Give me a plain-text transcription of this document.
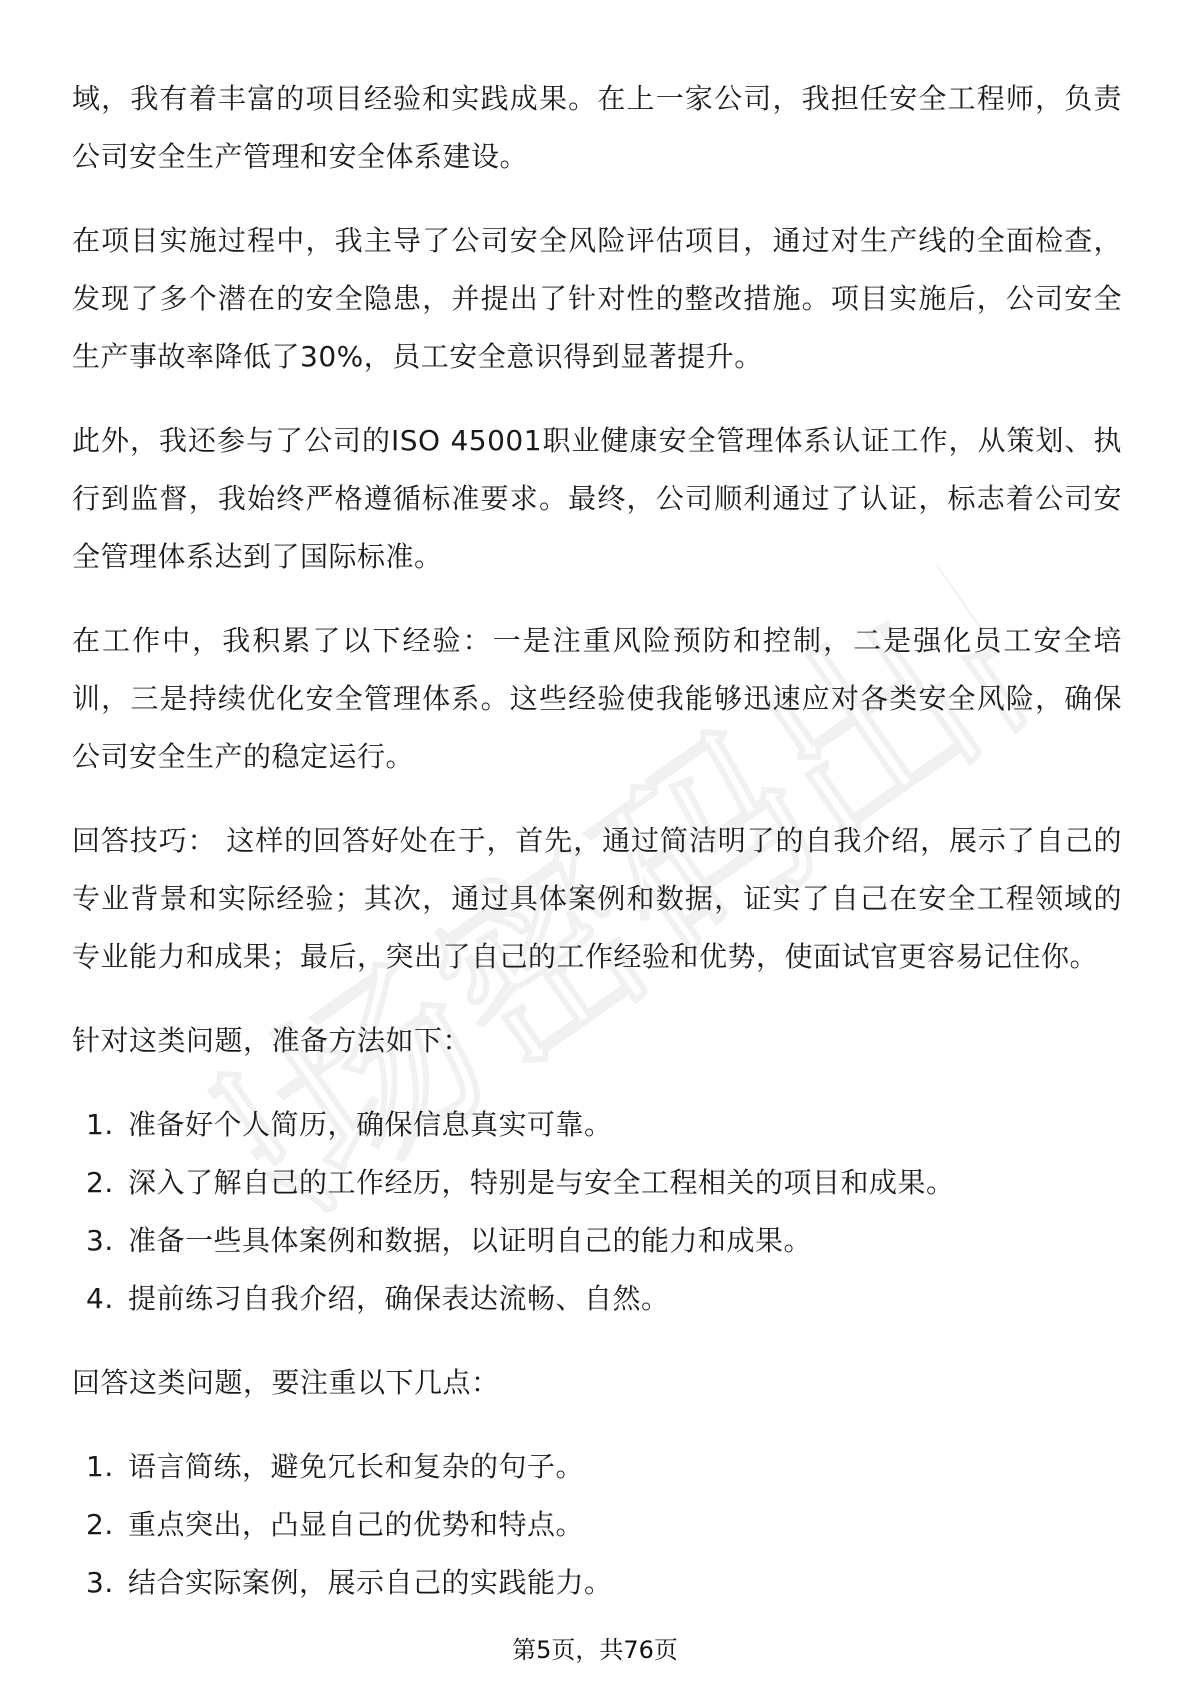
职场密码出品

域，我有着丰富的项目经验和实践成果。在上一家公司，我担任安全工程师，负责公司安全生产管理和安全体系建设。

在项目实施过程中，我主导了公司安全风险评估项目，通过对生产线的全面检查，发现了多个潜在的安全隐患，并提出了针对性的整改措施。项目实施后，公司安全生产事故率降低了30%，员工安全意识得到显著提升。

此外，我还参与了公司的ISO 45001职业健康安全管理体系认证工作，从策划、执行到监督，我始终严格遵循标准要求。最终，公司顺利通过了认证，标志着公司安全管理体系达到了国际标准。

在工作中，我积累了以下经验：一是注重风险预防和控制，二是强化员工安全培训，三是持续优化安全管理体系。这些经验使我能够迅速应对各类安全风险，确保公司安全生产的稳定运行。

回答技巧： 这样的回答好处在于，首先，通过简洁明了的自我介绍，展示了自己的专业背景和实际经验；其次，通过具体案例和数据，证实了自己在安全工程领域的专业能力和成果；最后，突出了自己的工作经验和优势，使面试官更容易记住你。

针对这类问题，准备方法如下：

1. 准备好个人简历，确保信息真实可靠。
2. 深入了解自己的工作经历，特别是与安全工程相关的项目和成果。
3. 准备一些具体案例和数据，以证明自己的能力和成果。
4. 提前练习自我介绍，确保表达流畅、自然。

回答这类问题，要注重以下几点：

1. 语言简练，避免冗长和复杂的句子。
2. 重点突出，凸显自己的优势和特点。
3. 结合实际案例，展示自己的实践能力。
第5页，共76页
